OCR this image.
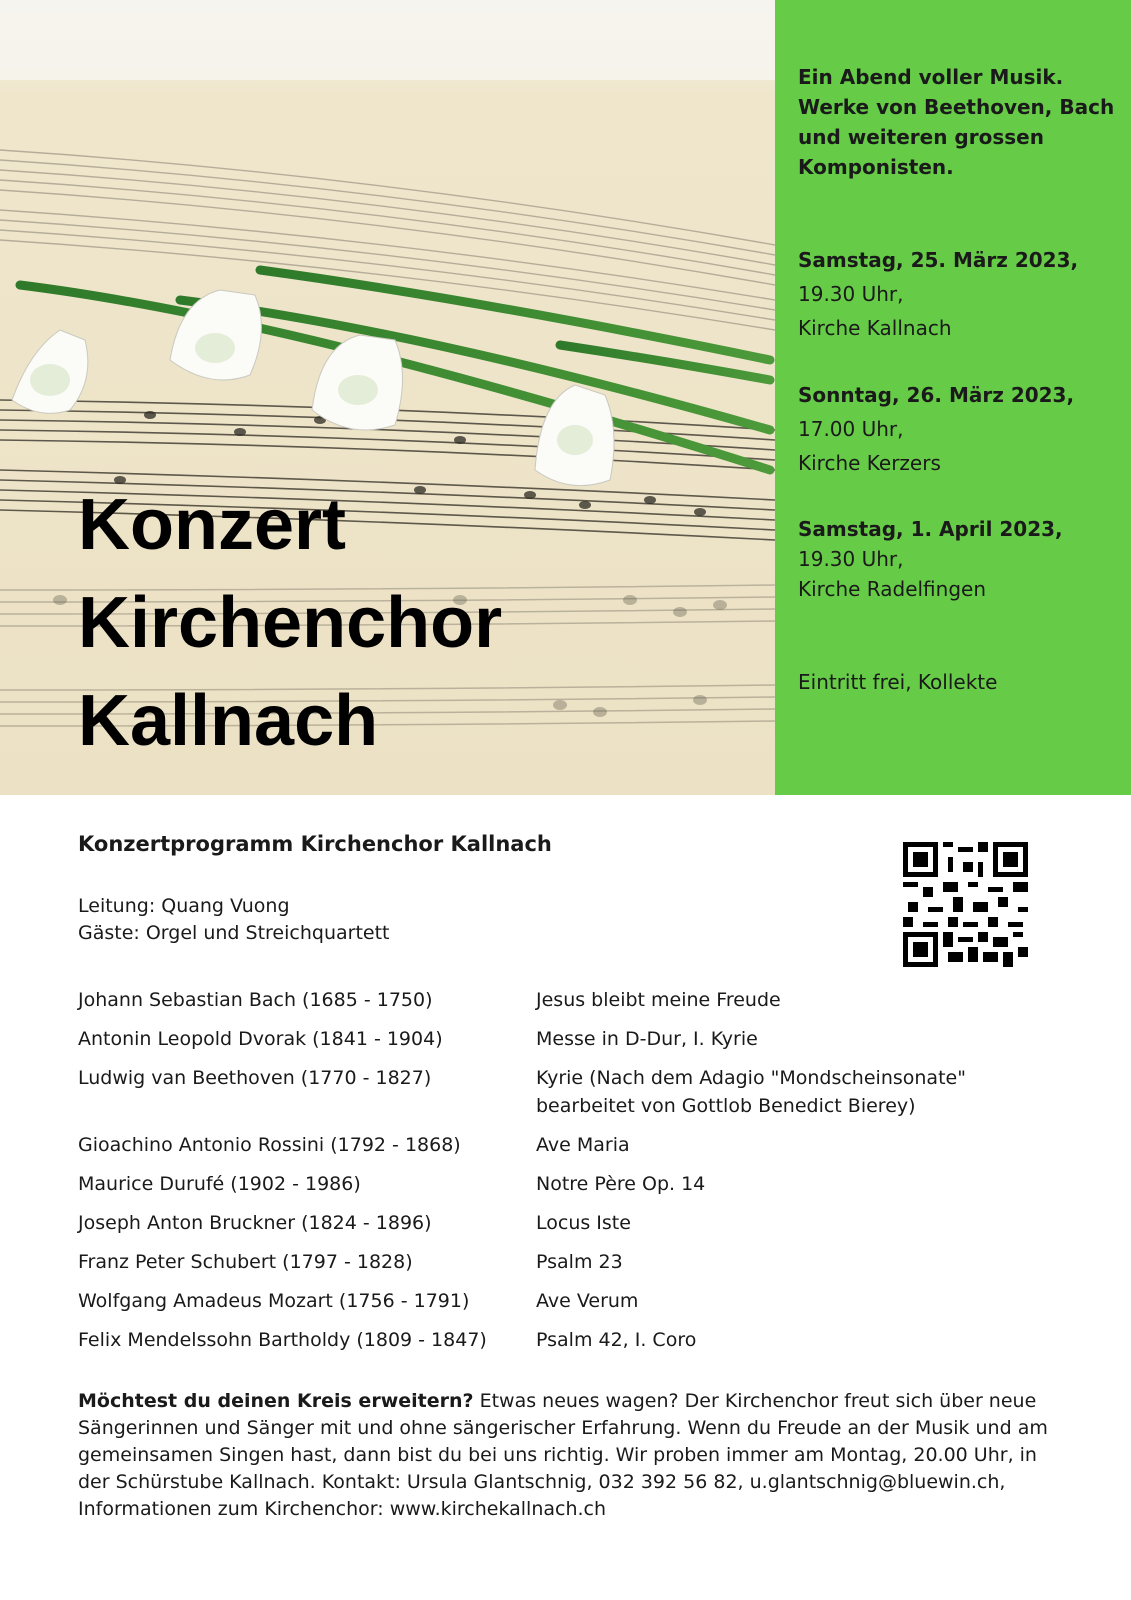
Konzert
Kirchenchor
Kallnach

Ein Abend voller Musik. Werke von Beethoven, Bach und weiteren grossen Komponisten.

Samstag, 25. März 2023,
19.30 Uhr,
Kirche Kallnach
Sonntag, 26. März 2023,
17.00 Uhr,
Kirche Kerzers
Samstag, 1. April 2023,
19.30 Uhr,
Kirche Radelfingen
Eintritt frei, Kollekte
Konzertprogramm Kirchenchor Kallnach
Leitung: Quang Vuong
Gäste: Orgel und Streichquartett
Johann Sebastian Bach (1685 - 1750)	Jesus bleibt meine Freude
Antonin Leopold Dvorak (1841 - 1904)	Messe in D-Dur, I. Kyrie
Ludwig van Beethoven (1770 - 1827)	Kyrie (Nach dem Adagio "Mondscheinsonate" bearbeitet von Gottlob Benedict Bierey)
Gioachino Antonio Rossini (1792 - 1868)	Ave Maria
Maurice Durufé (1902 - 1986)	Notre Père Op. 14
Joseph Anton Bruckner (1824 - 1896)	Locus Iste
Franz Peter Schubert (1797 - 1828)	Psalm 23
Wolfgang Amadeus Mozart (1756 - 1791)	Ave Verum
Felix Mendelssohn Bartholdy (1809 - 1847)	Psalm 42, I. Coro

Möchtest du deinen Kreis erweitern? Etwas neues wagen? Der Kirchenchor freut sich über neue Sängerinnen und Sänger mit und ohne sängerischer Erfahrung. Wenn du Freude an der Musik und am gemeinsamen Singen hast, dann bist du bei uns richtig. Wir proben immer am Montag, 20.00 Uhr, in der Schürstube Kallnach. Kontakt: Ursula Glantschnig, 032 392 56 82, u.glantschnig@bluewin.ch, Informationen zum Kirchenchor: www.kirchekallnach.ch
